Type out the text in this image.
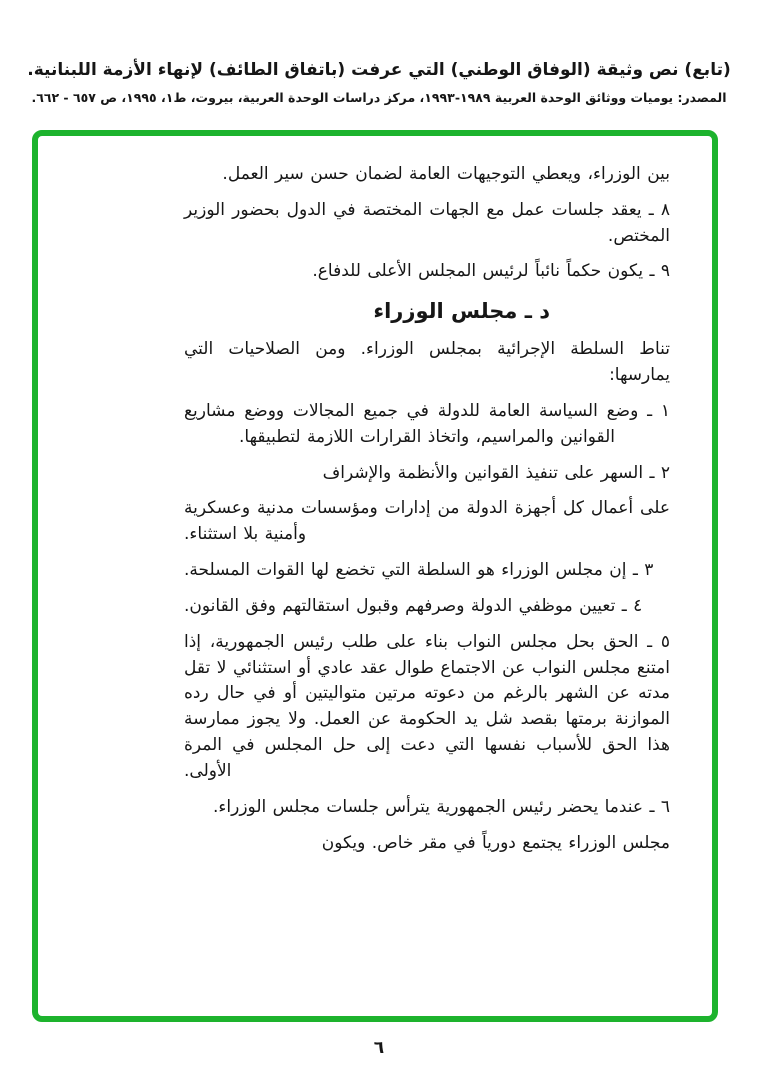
(تابع) نص وثيقة (الوفاق الوطني) التي عرفت (باتفاق الطائف) لإنهاء الأزمة اللبنانية.
المصدر: يوميات ووثائق الوحدة العربية ١٩٨٩-١٩٩٣، مركز دراسات الوحدة العربية، بيروت، ط١، ١٩٩٥، ص ٦٥٧ - ٦٦٢.

بين الوزراء، ويعطي التوجيهات العامة لضمان حسن سير العمل.

٨ ـ يعقد جلسات عمل مع الجهات المختصة في الدول بحضور الوزير المختص.

٩ ـ يكون حكماً نائباً لرئيس المجلس الأعلى للدفاع.

د ـ مجلس الوزراء

تناط السلطة الإجرائية بمجلس الوزراء. ومن الصلاحيات التي يمارسها:

١ ـ وضع السياسة العامة للدولة في جميع المجالات ووضع مشاريع القوانين والمراسيم، واتخاذ القرارات اللازمة لتطبيقها.

٢ ـ السهر على تنفيذ القوانين والأنظمة والإشراف

على أعمال كل أجهزة الدولة من إدارات ومؤسسات مدنية وعسكرية وأمنية بلا استثناء.

٣ ـ إن مجلس الوزراء هو السلطة التي تخضع لها القوات المسلحة.

٤ ـ تعيين موظفي الدولة وصرفهم وقبول استقالتهم وفق القانون.

٥ ـ الحق بحل مجلس النواب بناء على طلب رئيس الجمهورية، إذا امتنع مجلس النواب عن الاجتماع طوال عقد عادي أو استثنائي لا تقل مدته عن الشهر بالرغم من دعوته مرتين متواليتين أو في حال رده الموازنة برمتها بقصد شل يد الحكومة عن العمل. ولا يجوز ممارسة هذا الحق للأسباب نفسها التي دعت إلى حل المجلس في المرة الأولى.

٦ ـ عندما يحضر رئيس الجمهورية يترأس جلسات مجلس الوزراء.

مجلس الوزراء يجتمع دورياً في مقر خاص. ويكون

٦
